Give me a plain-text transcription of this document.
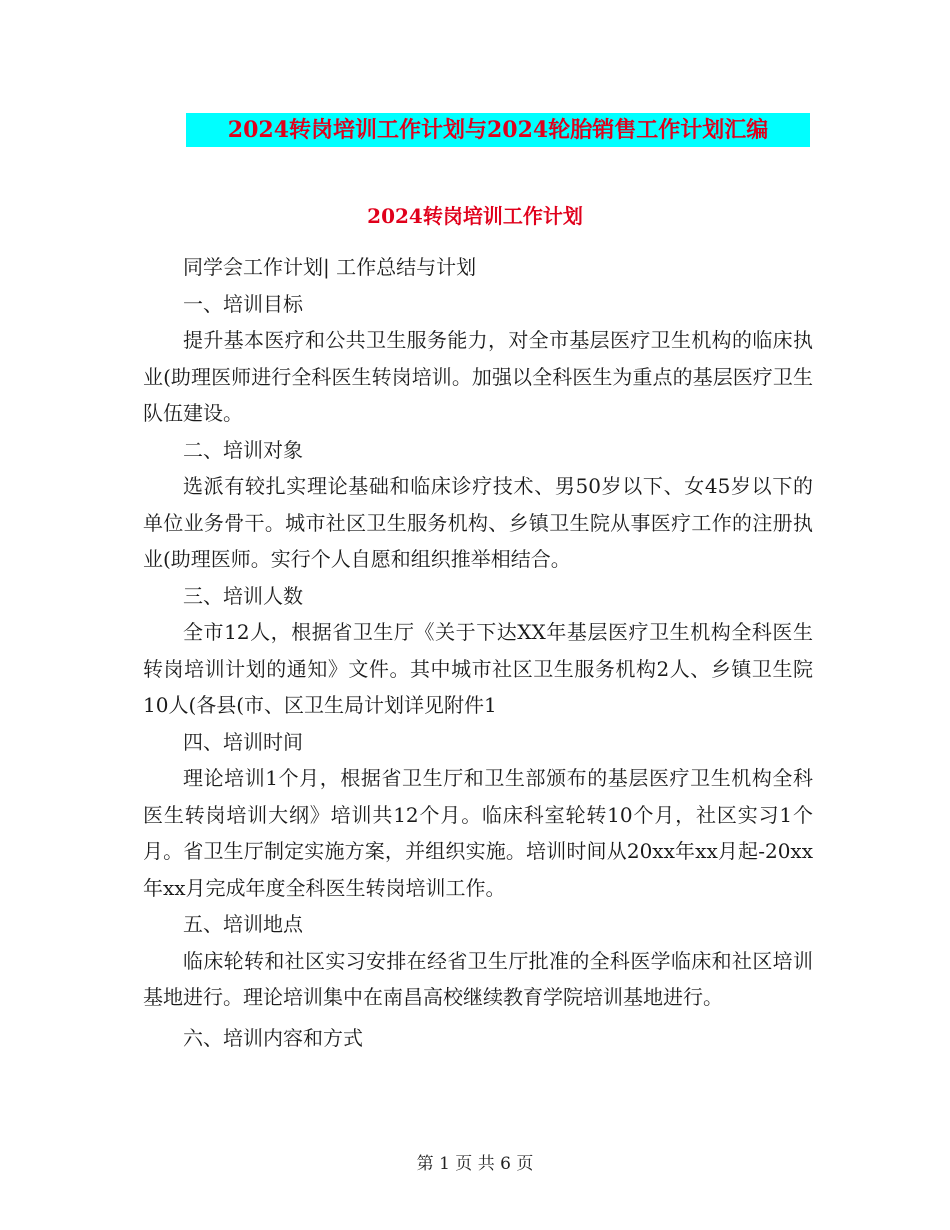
2024转岗培训工作计划与2024轮胎销售工作计划汇编
2024转岗培训工作计划

同学会工作计划| 工作总结与计划

一、培训目标

提升基本医疗和公共卫生服务能力，对全市基层医疗卫生机构的临床执业(助理医师进行全科医生转岗培训。加强以全科医生为重点的基层医疗卫生队伍建设。

二、培训对象

选派有较扎实理论基础和临床诊疗技术、男50岁以下、女45岁以下的单位业务骨干。城市社区卫生服务机构、乡镇卫生院从事医疗工作的注册执业(助理医师。实行个人自愿和组织推举相结合。

三、培训人数

全市12人，根据省卫生厅《关于下达XX年基层医疗卫生机构全科医生转岗培训计划的通知》文件。其中城市社区卫生服务机构2人、乡镇卫生院10人(各县(市、区卫生局计划详见附件1

四、培训时间

理论培训1个月，根据省卫生厅和卫生部颁布的基层医疗卫生机构全科医生转岗培训大纲》培训共12个月。临床科室轮转10个月，社区实习1个月。省卫生厅制定实施方案，并组织实施。培训时间从20xx年xx月起-20xx年xx月完成年度全科医生转岗培训工作。

五、培训地点

临床轮转和社区实习安排在经省卫生厅批准的全科医学临床和社区培训基地进行。理论培训集中在南昌高校继续教育学院培训基地进行。

六、培训内容和方式

第 1 页 共 6 页
